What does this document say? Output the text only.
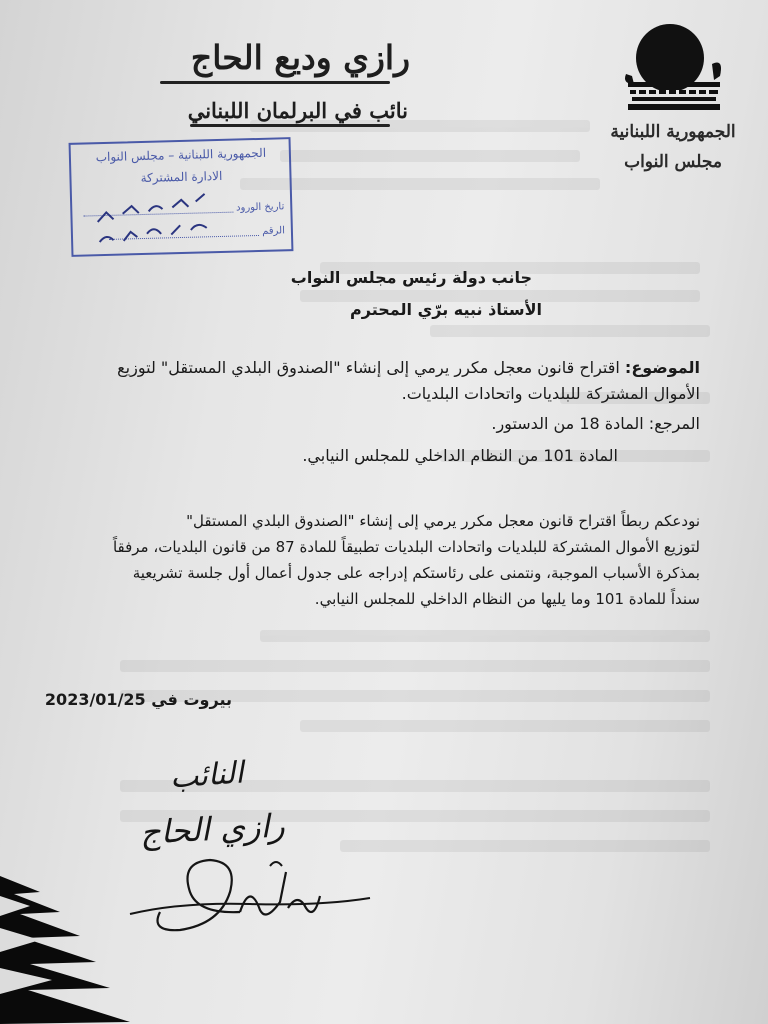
الجمهورية اللبنانية
مجلس النواب
رازي وديع الحاج
نائب في البرلمان اللبناني
الجمهورية اللبنانية – مجلس النواب
الادارة المشتركة
تاريخ الورود
الرقم
جانب دولة رئيس مجلس النواب
الأستاذ نبيه برّي المحترم
الموضوع: اقتراح قانون معجل مكرر يرمي إلى إنشاء "الصندوق البلدي المستقل" لتوزيع
الأموال المشتركة للبلديات واتحادات البلديات.
المرجع: المادة 18 من الدستور.
المادة 101 من النظام الداخلي للمجلس النيابي.
نودعكم ربطاً اقتراح قانون معجل مكرر يرمي إلى إنشاء "الصندوق البلدي المستقل"
لتوزيع الأموال المشتركة للبلديات واتحادات البلديات تطبيقاً للمادة 87 من قانون البلديات، مرفقاً
بمذكرة الأسباب الموجبة، ونتمنى على رئاستكم إدراجه على جدول أعمال أول جلسة تشريعية
سنداً للمادة 101 وما يليها من النظام الداخلي للمجلس النيابي.
بيروت في 2023/01/25
النائب
رازي الحاج
